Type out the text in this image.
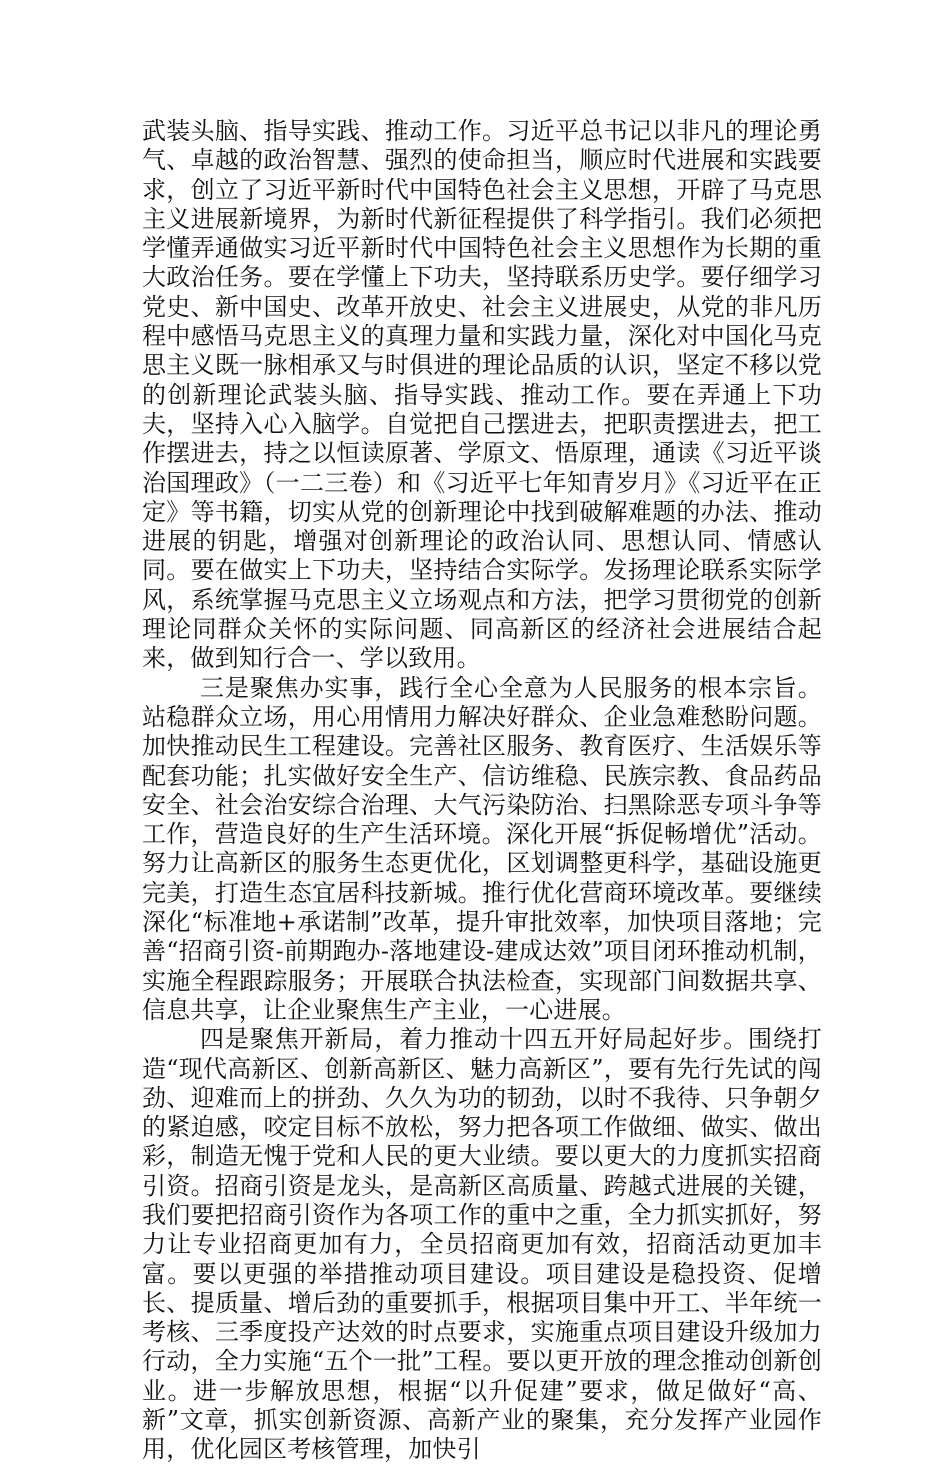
武装头脑、指导实践、推动工作。习近平总书记以非凡的理论勇气、卓越的政治智慧、强烈的使命担当，顺应时代进展和实践要求，创立了习近平新时代中国特色社会主义思想，开辟了马克思主义进展新境界，为新时代新征程提供了科学指引。我们必须把学懂弄通做实习近平新时代中国特色社会主义思想作为长期的重大政治任务。要在学懂上下功夫，坚持联系历史学。要仔细学习党史、新中国史、改革开放史、社会主义进展史，从党的非凡历程中感悟马克思主义的真理力量和实践力量，深化对中国化马克思主义既一脉相承又与时俱进的理论品质的认识，坚定不移以党的创新理论武装头脑、指导实践、推动工作。要在弄通上下功夫，坚持入心入脑学。自觉把自己摆进去，把职责摆进去，把工作摆进去，持之以恒读原著、学原文、悟原理，通读《习近平谈治国理政》（一二三卷）和《习近平七年知青岁月》《习近平在正定》等书籍，切实从党的创新理论中找到破解难题的办法、推动进展的钥匙，增强对创新理论的政治认同、思想认同、情感认同。要在做实上下功夫，坚持结合实际学。发扬理论联系实际学风，系统掌握马克思主义立场观点和方法，把学习贯彻党的创新理论同群众关怀的实际问题、同高新区的经济社会进展结合起来，做到知行合一、学以致用。

三是聚焦办实事，践行全心全意为人民服务的根本宗旨。站稳群众立场，用心用情用力解决好群众、企业急难愁盼问题。加快推动民生工程建设。完善社区服务、教育医疗、生活娱乐等配套功能；扎实做好安全生产、信访维稳、民族宗教、食品药品安全、社会治安综合治理、大气污染防治、扫黑除恶专项斗争等工作，营造良好的生产生活环境。深化开展“拆促畅增优”活动。努力让高新区的服务生态更优化，区划调整更科学，基础设施更完美，打造生态宜居科技新城。推行优化营商环境改革。要继续深化“标准地+承诺制”改革，提升审批效率，加快项目落地；完善“招商引资-前期跑办-落地建设-建成达效”项目闭环推动机制，实施全程跟踪服务；开展联合执法检查，实现部门间数据共享、信息共享，让企业聚焦生产主业，一心进展。

四是聚焦开新局，着力推动十四五开好局起好步。围绕打造“现代高新区、创新高新区、魅力高新区”，要有先行先试的闯劲、迎难而上的拼劲、久久为功的韧劲，以时不我待、只争朝夕的紧迫感，咬定目标不放松，努力把各项工作做细、做实、做出彩，制造无愧于党和人民的更大业绩。要以更大的力度抓实招商引资。招商引资是龙头，是高新区高质量、跨越式进展的关键，我们要把招商引资作为各项工作的重中之重，全力抓实抓好，努力让专业招商更加有力，全员招商更加有效，招商活动更加丰富。要以更强的举措推动项目建设。项目建设是稳投资、促增长、提质量、增后劲的重要抓手，根据项目集中开工、半年统一考核、三季度投产达效的时点要求，实施重点项目建设升级加力行动，全力实施“五个一批”工程。要以更开放的理念推动创新创业。进一步解放思想，根据“以升促建”要求，做足做好“高、新”文章，抓实创新资源、高新产业的聚集，充分发挥产业园作用，优化园区考核管理，加快引
